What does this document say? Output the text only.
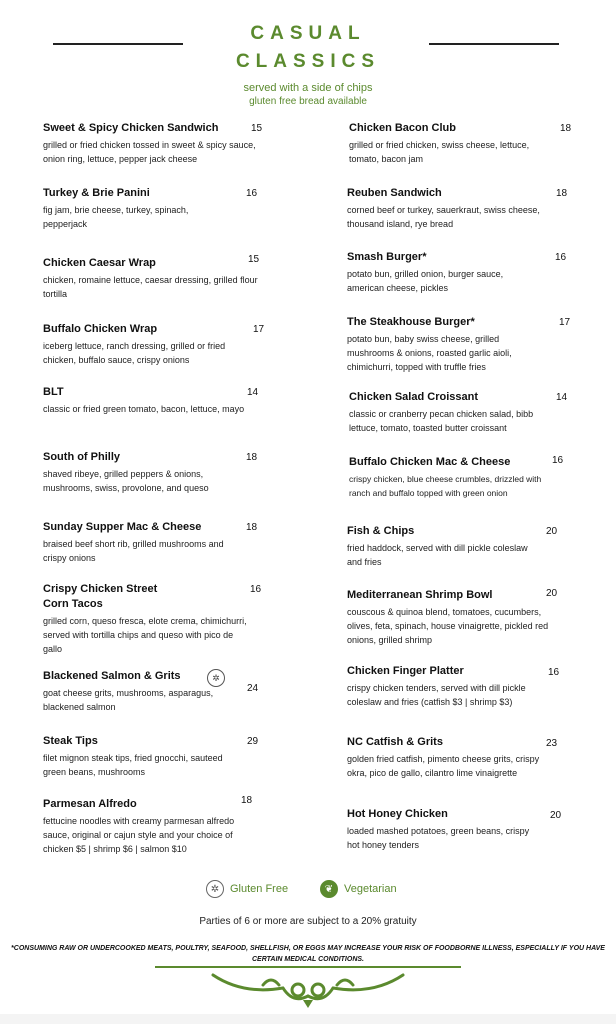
CASUAL
CLASSICS
served with a side of chips
gluten free bread available
Sweet & Spicy Chicken Sandwich
grilled or fried chicken tossed in sweet & spicy sauce, onion ring, lettuce, pepper jack cheese
15
Turkey & Brie Panini
fig jam, brie cheese, turkey, spinach, pepperjack
16
Chicken Caesar Wrap
chicken, romaine lettuce, caesar dressing, grilled flour tortilla
15
Buffalo Chicken Wrap
iceberg lettuce, ranch dressing, grilled or fried chicken, buffalo sauce, crispy onions
17
BLT
classic or fried green tomato, bacon, lettuce, mayo
14
South of Philly
shaved ribeye, grilled peppers & onions, mushrooms, swiss, provolone, and queso
18
Sunday Supper Mac & Cheese
braised beef short rib, grilled mushrooms and crispy onions
18
Crispy Chicken Street Corn Tacos
grilled corn, queso fresca, elote crema, chimichurri, served with tortilla chips and queso with pico de gallo
16
Blackened Salmon & Grits
goat cheese grits, mushrooms, asparagus, blackened salmon
✲
24
Steak Tips
filet mignon steak tips, fried gnocchi, sauteed green beans, mushrooms
29
Parmesan Alfredo
fettucine noodles with creamy parmesan alfredo sauce, original or cajun style and your choice of chicken $5 | shrimp $6 | salmon $10
18
Chicken Bacon Club
grilled or fried chicken, swiss cheese, lettuce, tomato, bacon jam
18
Reuben Sandwich
corned beef or turkey, sauerkraut, swiss cheese, thousand island, rye bread
18
Smash Burger*
potato bun, grilled onion, burger sauce, american cheese, pickles
16
The Steakhouse Burger*
potato bun, baby swiss cheese, grilled mushrooms & onions, roasted garlic aioli, chimichurri, topped with truffle fries
17
Chicken Salad Croissant
classic or cranberry pecan chicken salad, bibb lettuce, tomato, toasted butter croissant
14
Buffalo Chicken Mac & Cheese
crispy chicken, blue cheese crumbles, drizzled with ranch and buffalo topped with green onion
16
Fish & Chips
fried haddock, served with dill pickle coleslaw and fries
20
Mediterranean Shrimp Bowl
couscous & quinoa blend, tomatoes, cucumbers, olives, feta, spinach, house vinaigrette, pickled red onions, grilled shrimp
20
Chicken Finger Platter
crispy chicken tenders, served with dill pickle coleslaw and fries (catfish $3 | shrimp $3)
16
NC Catfish & Grits
golden fried catfish, pimento cheese grits, crispy okra, pico de gallo, cilantro lime vinaigrette
23
Hot Honey Chicken
loaded mashed potatoes, green beans, crispy hot honey tenders
20
✲ Gluten Free	❦ Vegetarian
Parties of 6 or more are subject to a 20% gratuity
*CONSUMING RAW OR UNDERCOOKED MEATS, POULTRY, SEAFOOD, SHELLFISH, OR EGGS MAY INCREASE YOUR RISK OF FOODBORNE ILLNESS, ESPECIALLY IF YOU HAVE CERTAIN MEDICAL CONDITIONS.
